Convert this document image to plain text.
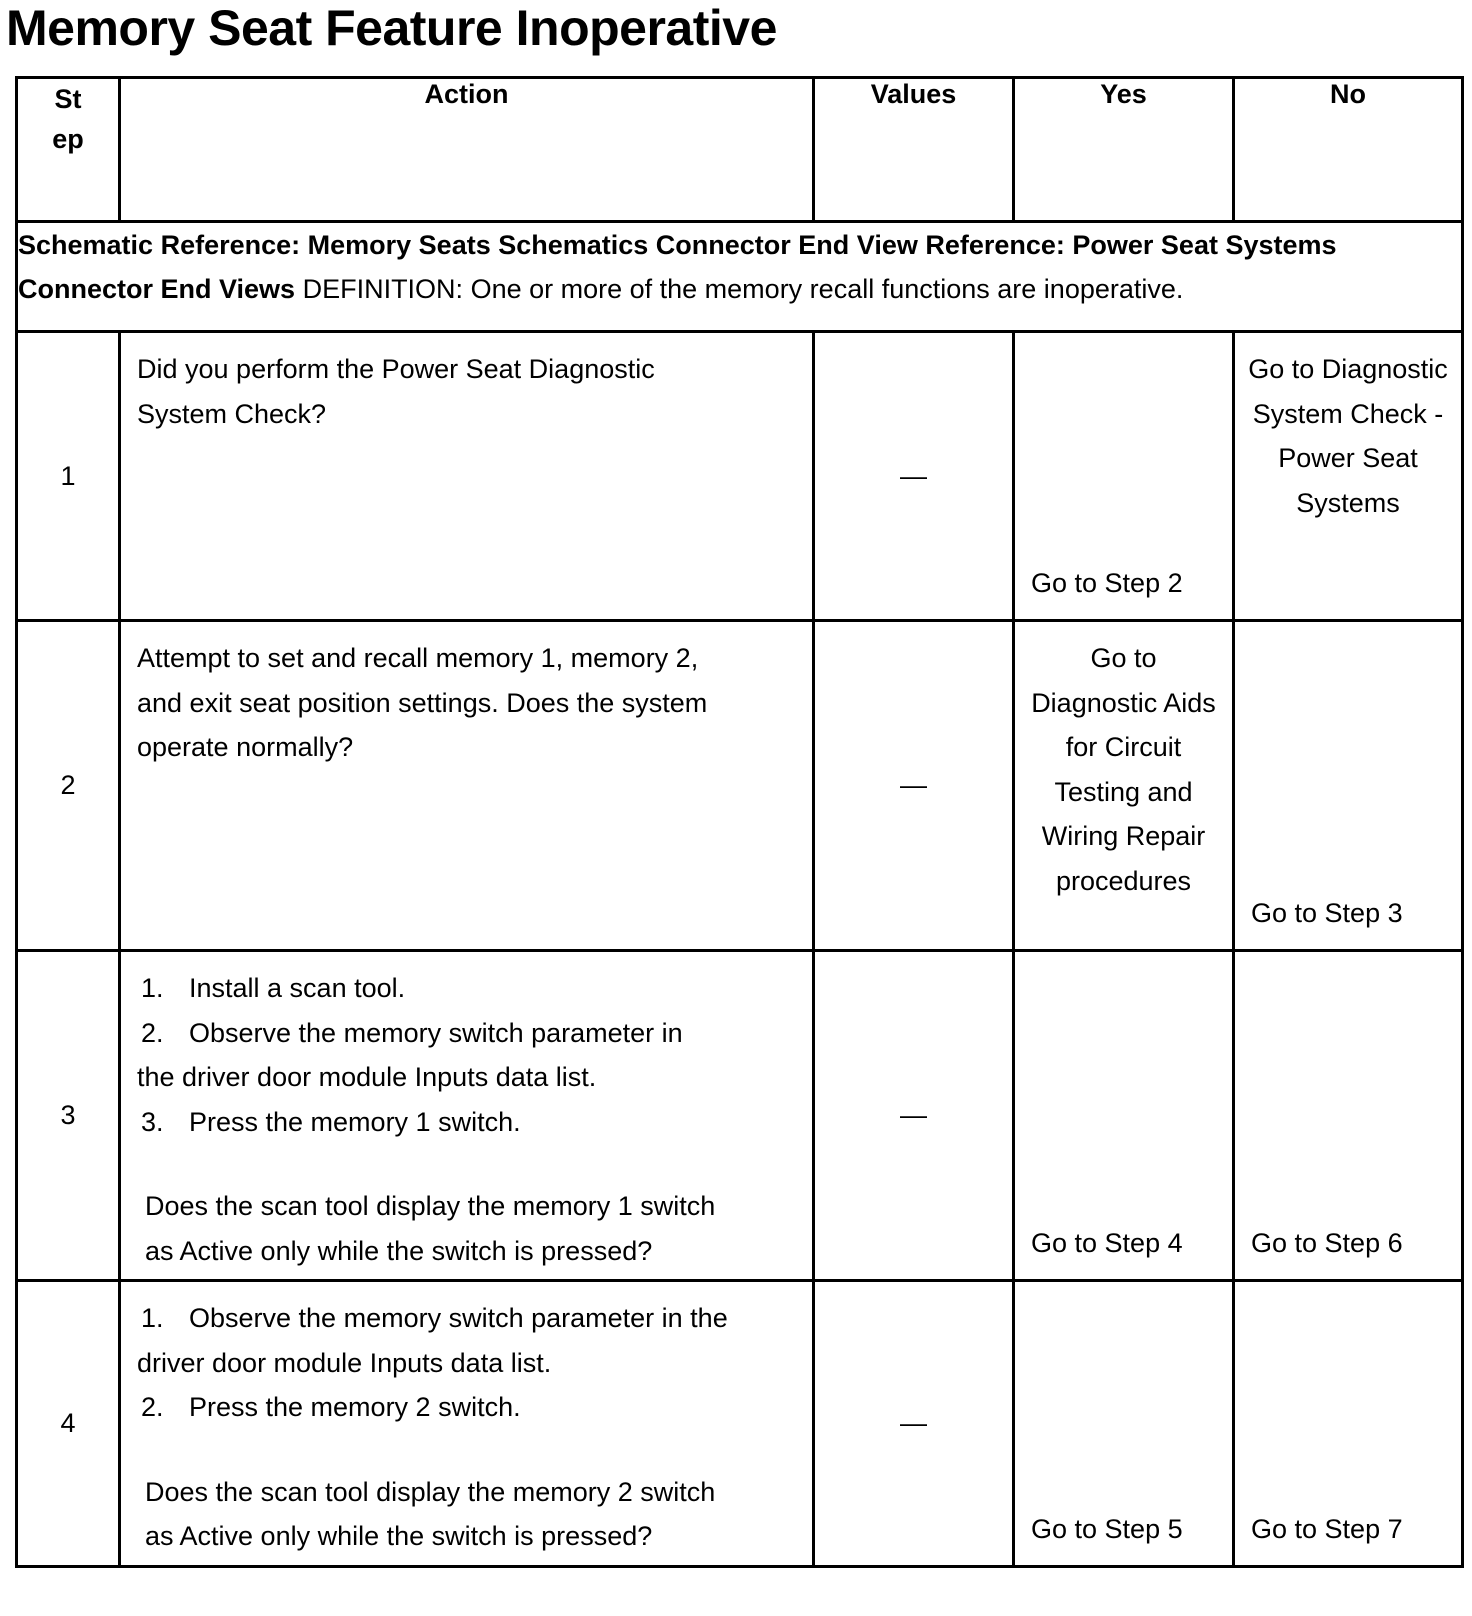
Memory Seat Feature Inoperative
St
ep	Action	Values	Yes	No
Schematic Reference: Memory Seats Schematics Connector End View Reference: Power Seat Systems Connector End Views DEFINITION: One or more of the memory recall functions are inoperative.				
1	Did you perform the Power Seat Diagnostic System Check?	—	Go to Step 2	Go to Diagnostic System Check - Power Seat Systems

2	Attempt to set and recall memory 1, memory 2, and exit seat position settings. Does the system operate normally?	—	Go to Diagnostic Aids for Circuit Testing and Wiring Repair procedures	Go to Step 3

3	1. Install a scan tool.
2. Observe the memory switch parameter in
the driver door module Inputs data list.
3. Press the memory 1 switch.
Does the scan tool display the memory 1 switch as Active only while the switch is pressed?	—	Go to Step 4	Go to Step 6

4	1. Observe the memory switch parameter in the
driver door module Inputs data list.
2. Press the memory 2 switch.
Does the scan tool display the memory 2 switch as Active only while the switch is pressed?	—	Go to Step 5	Go to Step 7
